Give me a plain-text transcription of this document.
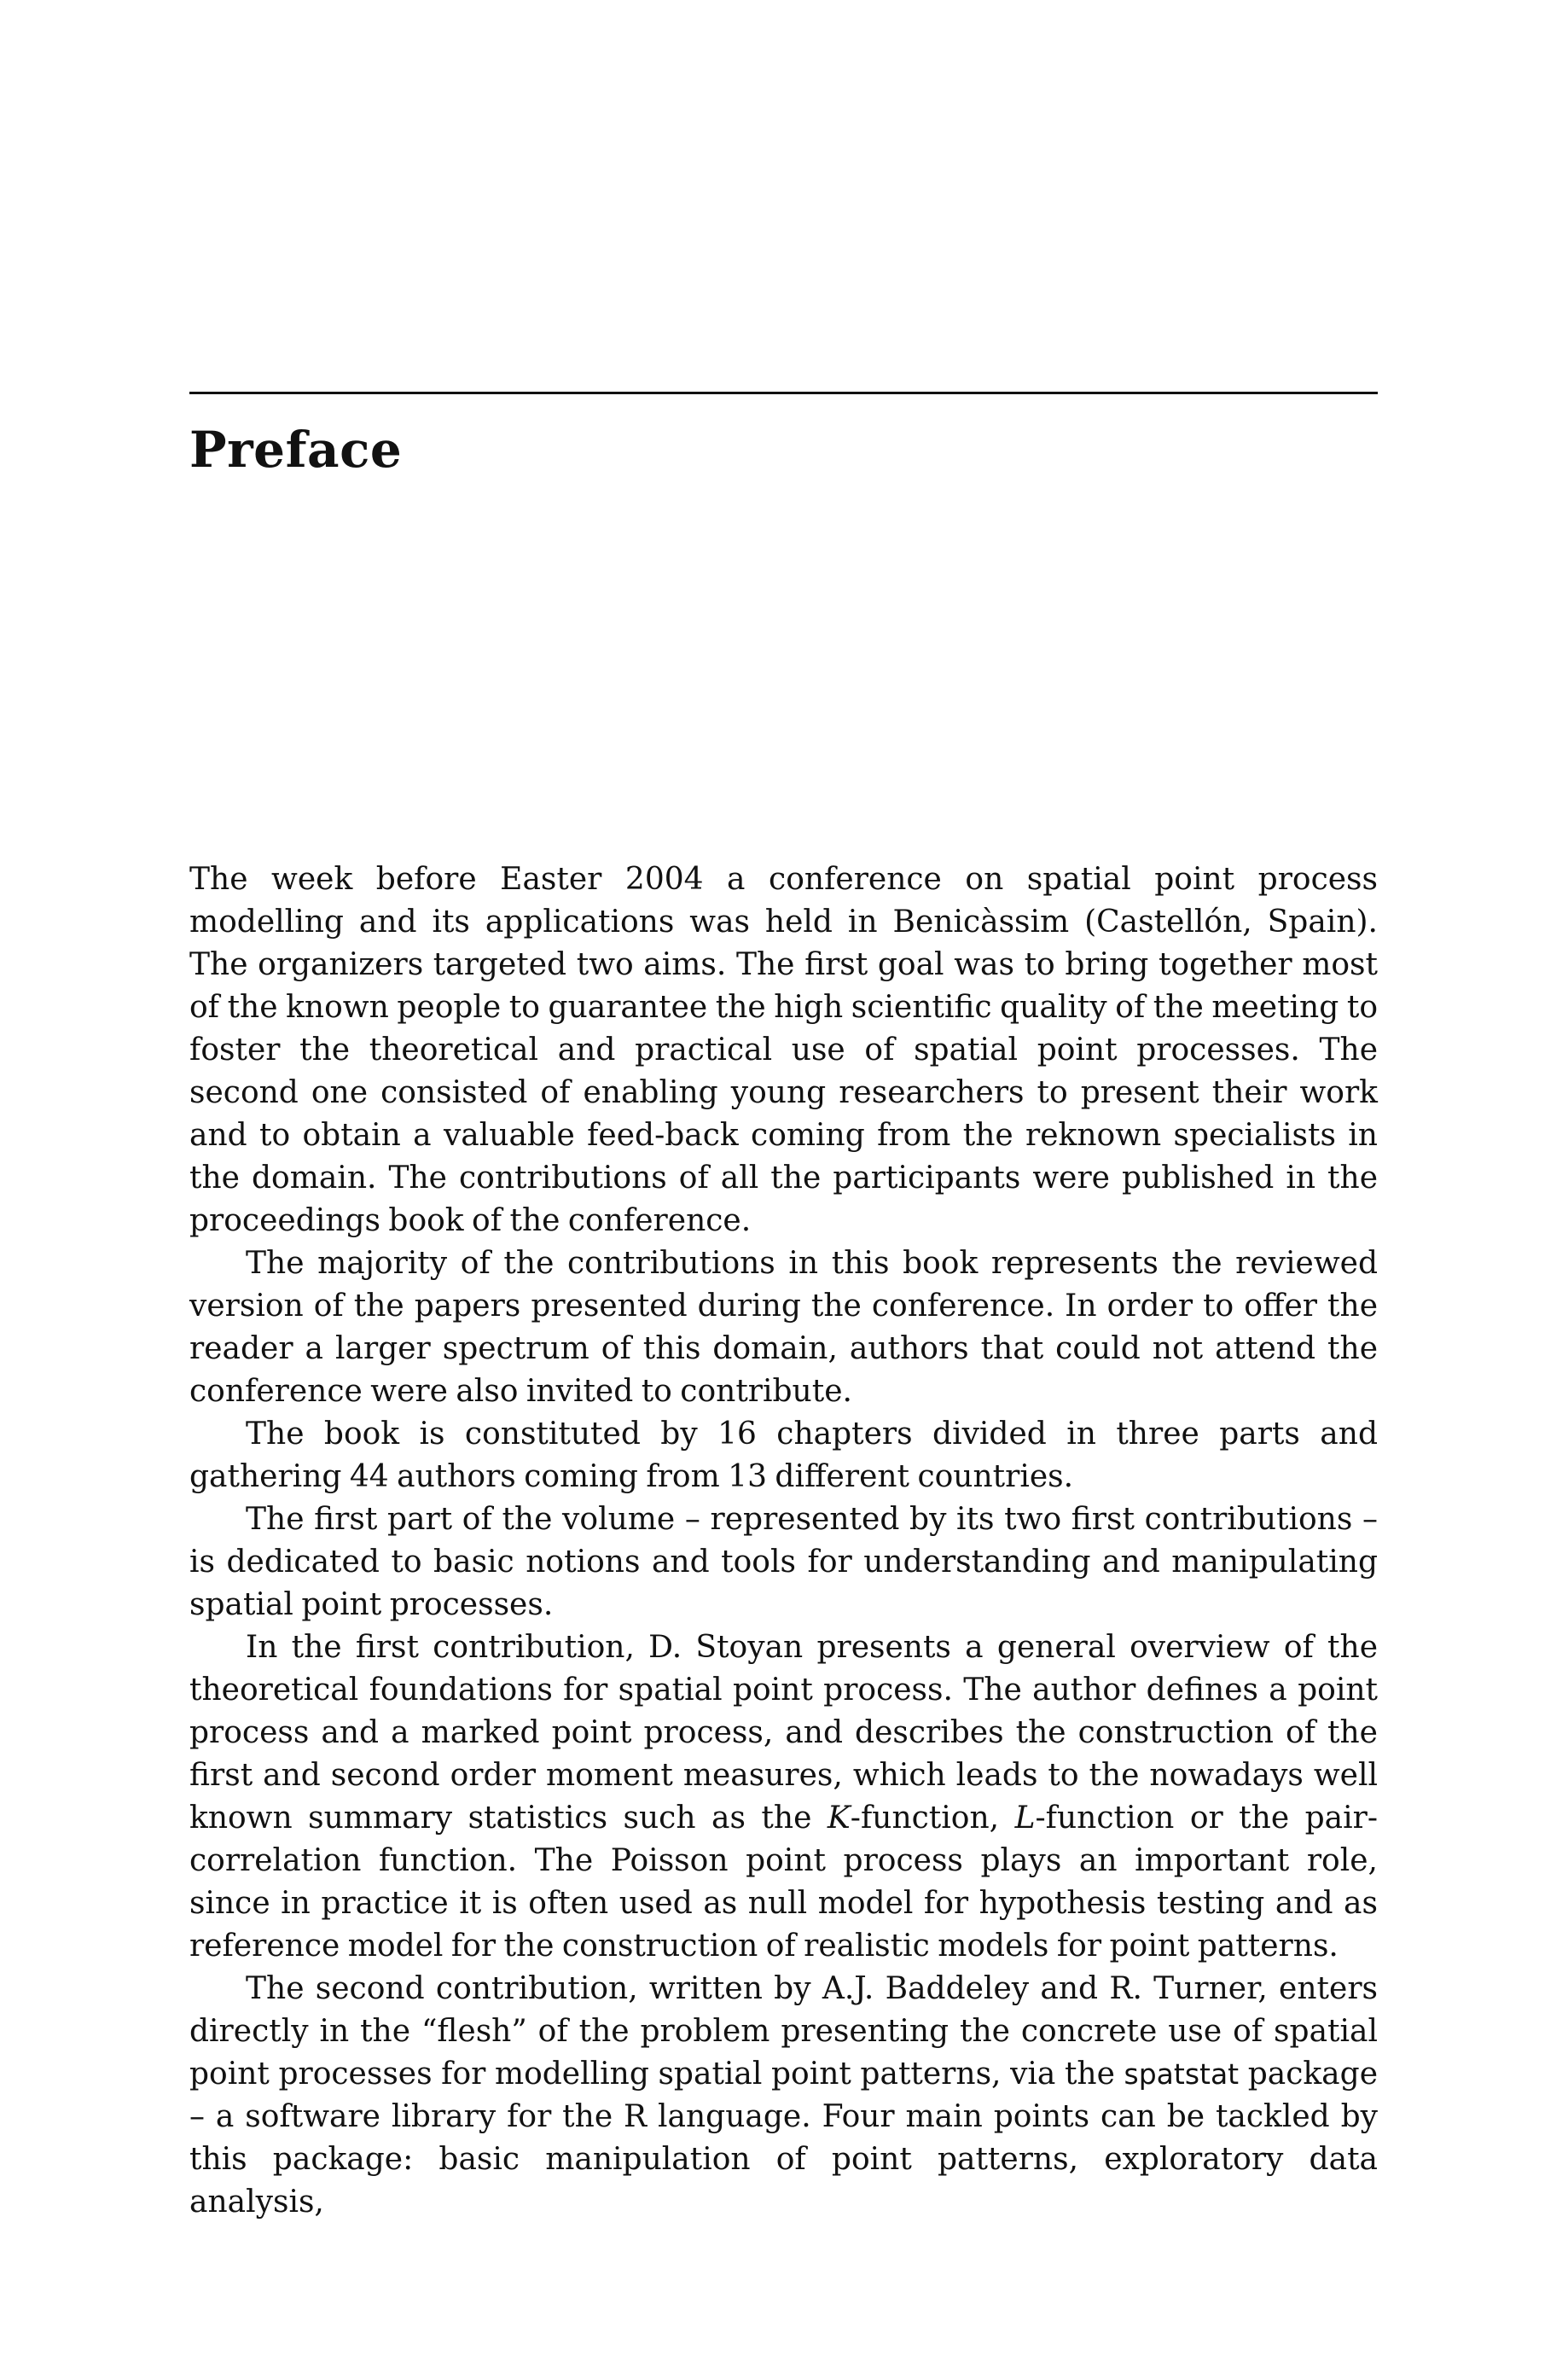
Preface

The week before Easter 2004 a conference on spatial point process modelling and its applications was held in Benicàssim (Castellón, Spain). The organizers targeted two aims. The first goal was to bring together most of the known people to guarantee the high scientific quality of the meeting to foster the theoretical and practical use of spatial point processes. The second one consisted of enabling young researchers to present their work and to obtain a valuable feed-back coming from the reknown specialists in the domain. The contributions of all the participants were published in the proceedings book of the conference.

The majority of the contributions in this book represents the reviewed version of the papers presented during the conference. In order to offer the reader a larger spectrum of this domain, authors that could not attend the conference were also invited to contribute.

The book is constituted by 16 chapters divided in three parts and gathering 44 authors coming from 13 different countries.

The first part of the volume – represented by its two first contributions – is dedicated to basic notions and tools for understanding and manipulating spatial point processes.

In the first contribution, D. Stoyan presents a general overview of the theoretical foundations for spatial point process. The author defines a point process and a marked point process, and describes the construction of the first and second order moment measures, which leads to the nowadays well known summary statistics such as the K-function, L-function or the pair-correlation function. The Poisson point process plays an important role, since in practice it is often used as null model for hypothesis testing and as reference model for the construction of realistic models for point patterns.

The second contribution, written by A.J. Baddeley and R. Turner, enters directly in the “flesh” of the problem presenting the concrete use of spatial point processes for modelling spatial point patterns, via the spatstat package – a software library for the R language. Four main points can be tackled by this package: basic manipulation of point patterns, exploratory data analysis,
